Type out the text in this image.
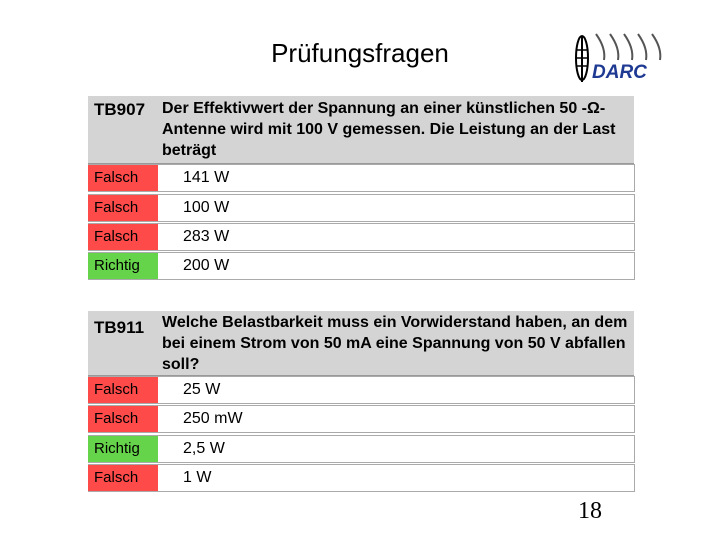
Prüfungsfragen
DARC
TB907 Der Effektivwert der Spannung an einer künstlichen 50 -Ω-Antenne wird mit 100 V gemessen. Die Leistung an der Last beträgt
Falsch	141 W
Falsch	100 W
Falsch	283 W
Richtig	200 W
TB911 Welche Belastbarkeit muss ein Vorwiderstand haben, an dem bei einem Strom von 50 mA eine Spannung von 50 V abfallen soll?
Falsch	25 W
Falsch	250 mW
Richtig	2,5 W
Falsch	1 W
18
